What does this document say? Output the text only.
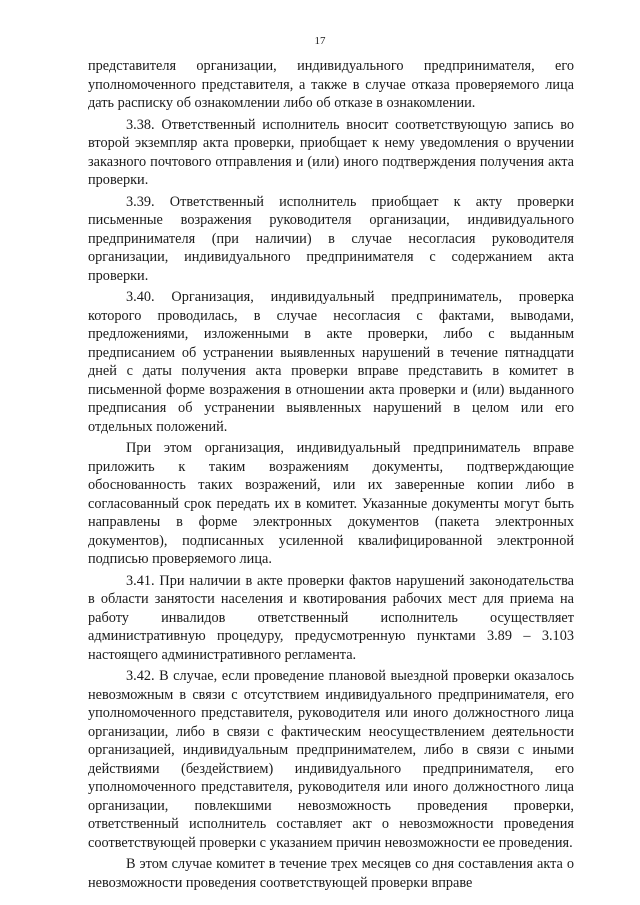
17

представителя организации, индивидуального предпринимателя, его уполномоченного представителя, а также в случае отказа проверяемого лица дать расписку об ознакомлении либо об отказе в ознакомлении.

3.38. Ответственный исполнитель вносит соответствующую запись во второй экземпляр акта проверки, приобщает к нему уведомления о вручении заказного почтового отправления и (или) иного подтверждения получения акта проверки.

3.39. Ответственный исполнитель приобщает к акту проверки письменные возражения руководителя организации, индивидуального предпринимателя (при наличии) в случае несогласия руководителя организации, индивидуального предпринимателя с содержанием акта проверки.

3.40. Организация, индивидуальный предприниматель, проверка которого проводилась, в случае несогласия с фактами, выводами, предложениями, изложенными в акте проверки, либо с выданным предписанием об устранении выявленных нарушений в течение пятнадцати дней с даты получения акта проверки вправе представить в комитет в письменной форме возражения в отношении акта проверки и (или) выданного предписания об устранении выявленных нарушений в целом или его отдельных положений.

При этом организация, индивидуальный предприниматель вправе приложить к таким возражениям документы, подтверждающие обоснованность таких возражений, или их заверенные копии либо в согласованный срок передать их в комитет. Указанные документы могут быть направлены в форме электронных документов (пакета электронных документов), подписанных усиленной квалифицированной электронной подписью проверяемого лица.

3.41. При наличии в акте проверки фактов нарушений законодательства в области занятости населения и квотирования рабочих мест для приема на работу инвалидов ответственный исполнитель осуществляет административную процедуру, предусмотренную пунктами 3.89 – 3.103 настоящего административного регламента.

3.42. В случае, если проведение плановой выездной проверки оказалось невозможным в связи с отсутствием индивидуального предпринимателя, его уполномоченного представителя, руководителя или иного должностного лица организации, либо в связи с фактическим неосуществлением деятельности организацией, индивидуальным предпринимателем, либо в связи с иными действиями (бездействием) индивидуального предпринимателя, его уполномоченного представителя, руководителя или иного должностного лица организации, повлекшими невозможность проведения проверки, ответственный исполнитель составляет акт о невозможности проведения соответствующей проверки с указанием причин невозможности ее проведения.

В этом случае комитет в течение трех месяцев со дня составления акта о невозможности проведения соответствующей проверки вправе
